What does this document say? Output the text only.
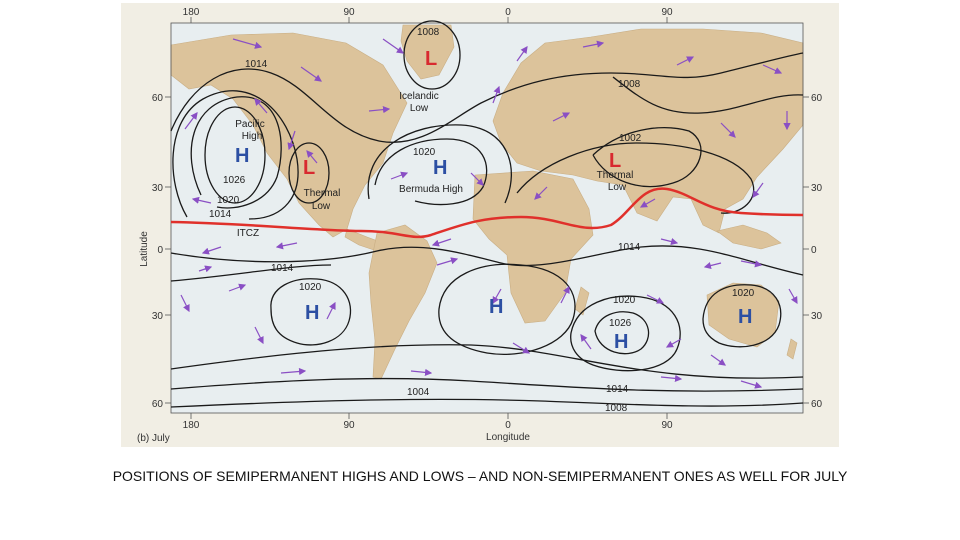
180	90	0	90
180	90	0	90
60
30
0
30
60
60
30
0
30
60
(b) July	Longitude
Latitude
1008
1014
1008
1026
1020
1014
1020
1002
1014
1014
1020
1020
1026
1020
1014
1004
1008
L
H
L	H	L
H	H
H
H
Icelandic
Low
Pacific
High
Thermal
Low
Bermuda High
Thermal
Low
ITCZ
POSITIONS OF SEMIPERMANENT HIGHS AND LOWS – AND NON-SEMIPERMANENT ONES AS WELL FOR JULY
